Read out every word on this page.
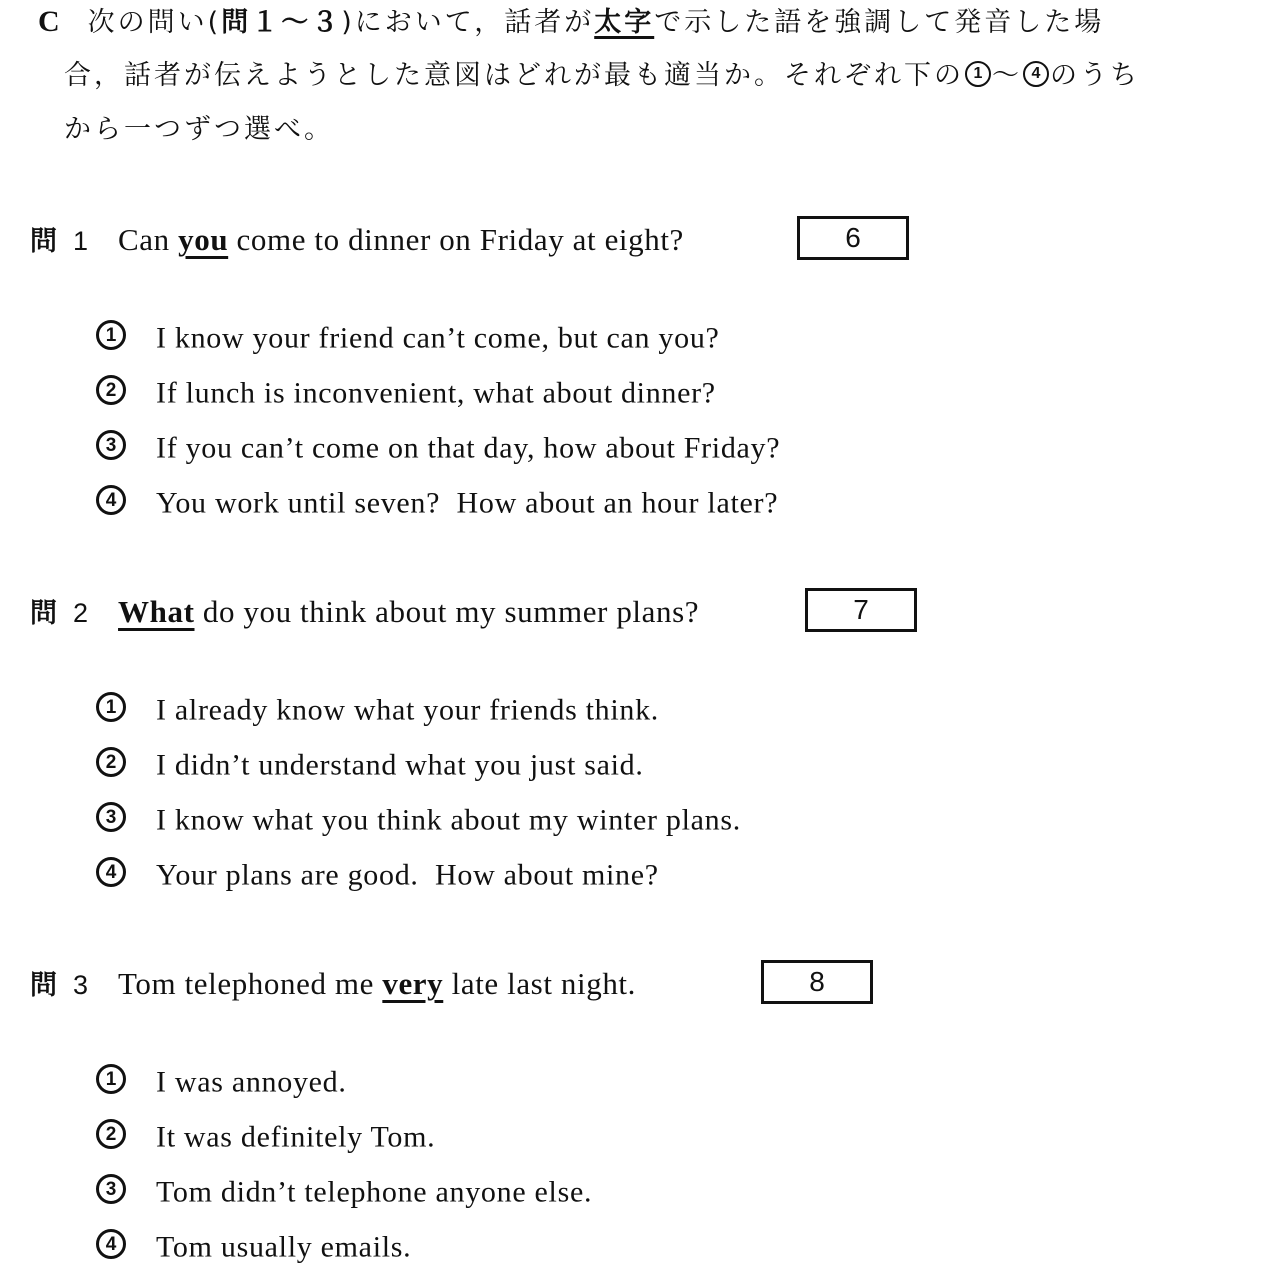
C 次の問い(問１～３)において，話者が太字で示した語を強調して発音した場
合，話者が伝えようとした意図はどれが最も適当か。それぞれ下の 1 ～ 4 のうち
から一つずつ選べ。
問 1 Can you come to dinner on Friday at eight?	6
1 I know your friend can’t come, but can you?
2 If lunch is inconvenient, what about dinner?
3 If you can’t come on that day, how about Friday?
4 You work until seven?  How about an hour later?
問 2 What do you think about my summer plans?	7
1 I already know what your friends think.
2 I didn’t understand what you just said.
3 I know what you think about my winter plans.
4 Your plans are good.  How about mine?
問 3 Tom telephoned me very late last night.	8
1 I was annoyed.
2 It was definitely Tom.
3 Tom didn’t telephone anyone else.
4 Tom usually emails.
